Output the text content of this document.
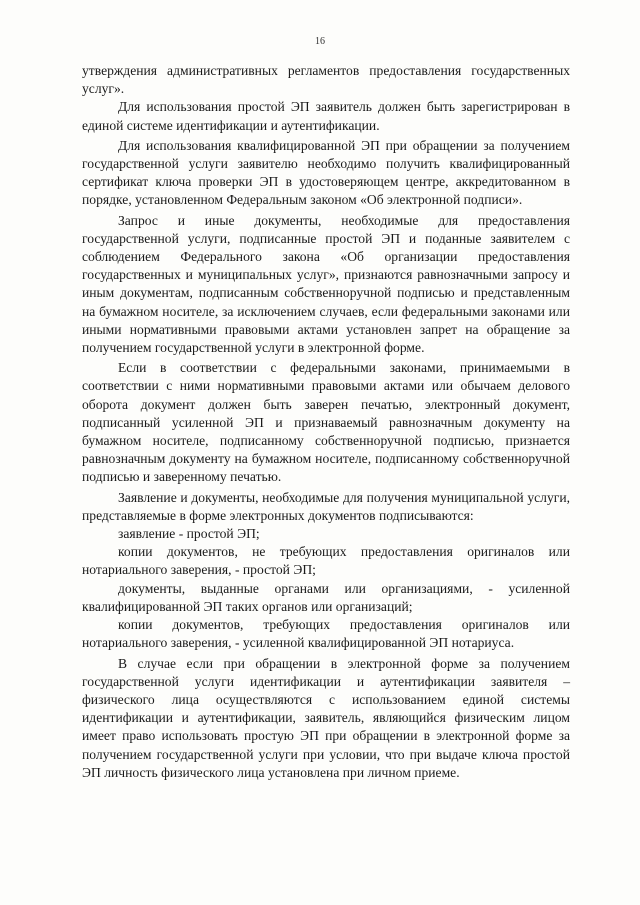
16

утверждения административных регламентов предоставления государственных услуг».

Для использования простой ЭП заявитель должен быть зарегистрирован в единой системе идентификации и аутентификации.

Для использования квалифицированной ЭП при обращении за получением государственной услуги заявителю необходимо получить квалифицированный сертификат ключа проверки ЭП в удостоверяющем центре, аккредитованном в порядке, установленном Федеральным законом «Об электронной подписи».

Запрос и иные документы, необходимые для предоставления государственной услуги, подписанные простой ЭП и поданные заявителем с соблюдением Федерального закона «Об организации предоставления государственных и муниципальных услуг», признаются равнозначными запросу и иным документам, подписанным собственноручной подписью и представленным на бумажном носителе, за исключением случаев, если федеральными законами или иными нормативными правовыми актами установлен запрет на обращение за получением государственной услуги в электронной форме.

Если в соответствии с федеральными законами, принимаемыми в соответствии с ними нормативными правовыми актами или обычаем делового оборота документ должен быть заверен печатью, электронный документ, подписанный усиленной ЭП и признаваемый равнозначным документу на бумажном носителе, подписанному собственноручной подписью, признается равнозначным документу на бумажном носителе, подписанному собственноручной подписью и заверенному печатью.

Заявление и документы, необходимые для получения муниципальной услуги, представляемые в форме электронных документов подписываются:

заявление - простой ЭП;

копии документов, не требующих предоставления оригиналов или нотариального заверения, - простой ЭП;

документы, выданные органами или организациями, - усиленной квалифицированной ЭП таких органов или организаций;

копии документов, требующих предоставления оригиналов или нотариального заверения, - усиленной квалифицированной ЭП нотариуса.

В случае если при обращении в электронной форме за получением государственной услуги идентификации и аутентификации заявителя – физического лица осуществляются с использованием единой системы идентификации и аутентификации, заявитель, являющийся физическим лицом имеет право использовать простую ЭП при обращении в электронной форме за получением государственной услуги при условии, что при выдаче ключа простой ЭП личность физического лица установлена при личном приеме.
